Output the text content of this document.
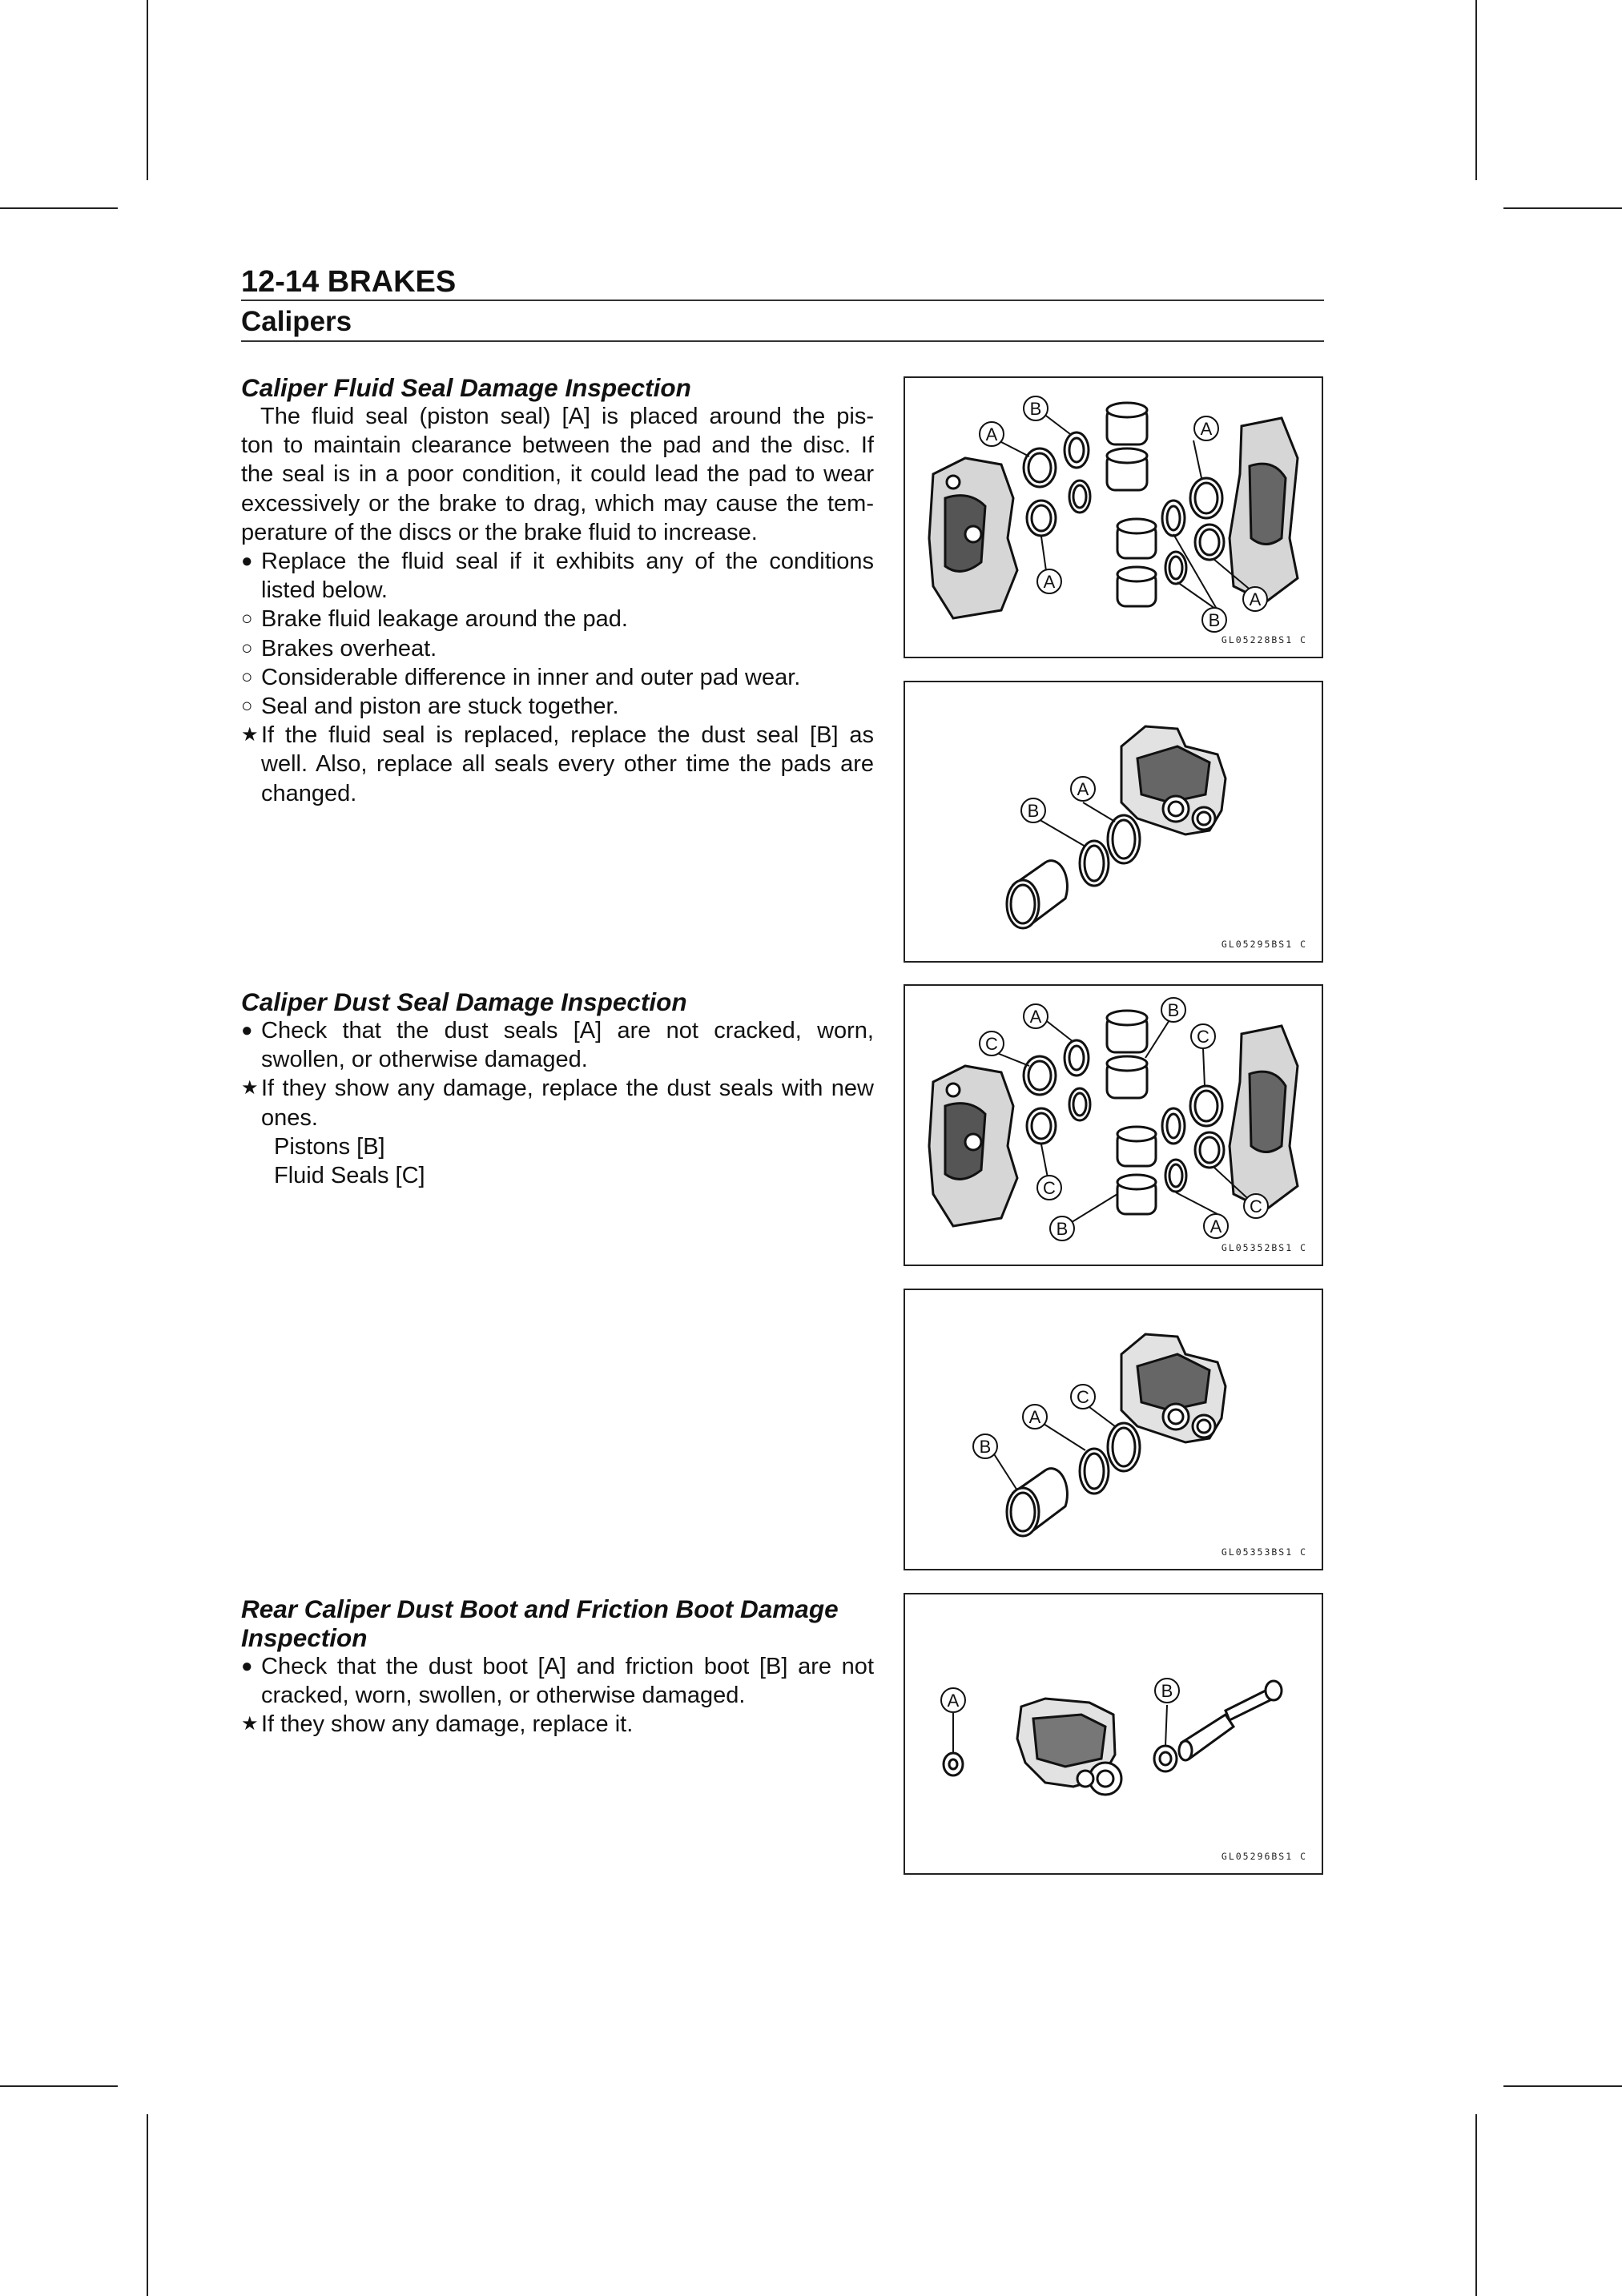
12-14 BRAKES
Calipers
Caliper Fluid Seal Damage Inspection
The fluid seal (piston seal) [A] is placed around the pis-
ton to maintain clearance between the pad and the disc. If
the seal is in a poor condition, it could lead the pad to wear
excessively or the brake to drag, which may cause the tem-
perature of the discs or the brake fluid to increase.
● Replace the fluid seal if it exhibits any of the conditions listed below.
○ Brake fluid leakage around the pad.
○ Brakes overheat.
○ Considerable difference in inner and outer pad wear.
○ Seal and piston are stuck together.
★ If the fluid seal is replaced, replace the dust seal [B] as well. Also, replace all seals every other time the pads are changed.
Caliper Dust Seal Damage Inspection
● Check that the dust seals [A] are not cracked, worn, swollen, or otherwise damaged.
★ If they show any damage, replace the dust seals with new ones.
Pistons [B]
Fluid Seals [C]
Rear Caliper Dust Boot and Friction Boot Damage
Inspection
● Check that the dust boot [A] and friction boot [B] are not cracked, worn, swollen, or otherwise damaged.
★ If they show any damage, replace it.
A
B
A
A
B
A
GL05228BS1 C
B
A
GL05295BS1 C
A	B
C	C
C
B	A
C
GL05352BS1 C
B
A
C
GL05353BS1 C
A	B
GL05296BS1 C
